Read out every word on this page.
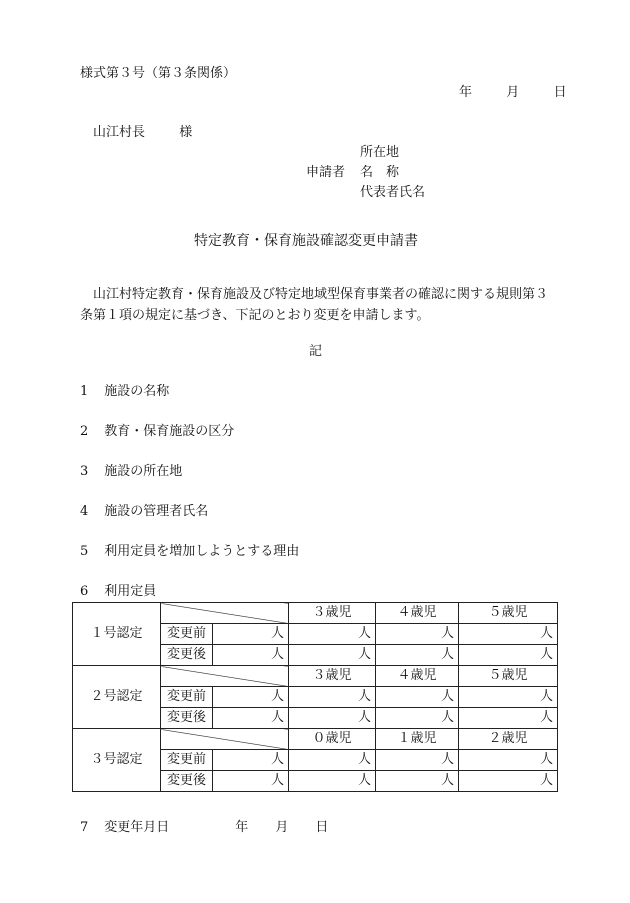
様式第３号（第３条関係）
年	月	日
山江村長	様
所在地
申請者 名　称
代表者氏名
特定教育・保育施設確認変更申請書
山江村特定教育・保育施設及び特定地域型保育事業者の確認に関する規則第３条第１項の規定に基づき、下記のとおり変更を申請します。
記
1 施設の名称
2 教育・保育施設の区分
3 施設の所在地
4 施設の管理者氏名
5 利用定員を増加しようとする理由
6 利用定員
１号認定			３歳児	４歳児	５歳児
	変更前	人	人	人	人
	変更後	人	人	人	人
２号認定			３歳児	４歳児	５歳児
	変更前	人	人	人	人
	変更後	人	人	人	人
３号認定			０歳児	１歳児	２歳児
	変更前	人	人	人	人
	変更後	人	人	人	人
7 変更年月日	年 月 日
